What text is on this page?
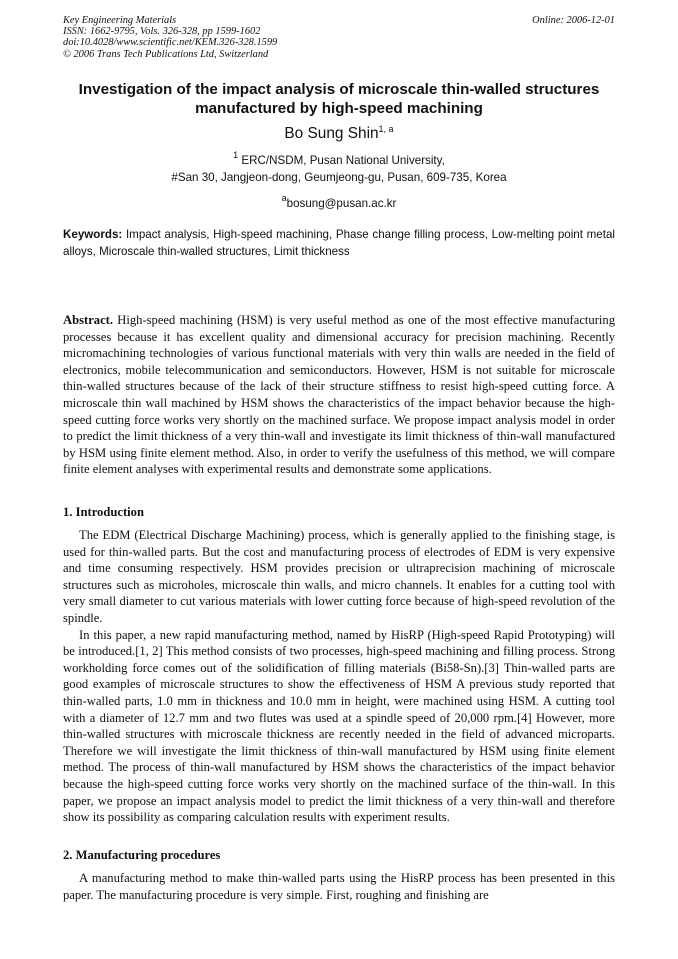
Key Engineering Materials
ISSN: 1662-9795, Vols. 326-328, pp 1599-1602
doi:10.4028/www.scientific.net/KEM.326-328.1599
© 2006 Trans Tech Publications Ltd, Switzerland
Online: 2006-12-01
Investigation of the impact analysis of microscale thin-walled structures
manufactured by high-speed machining
Bo Sung Shin$^{1, a}$
$^1$ ERC/NSDM, Pusan National University,
#San 30, Jangjeon-dong, Geumjeong-gu, Pusan, 609-735, Korea
$^a$bosung@pusan.ac.kr
Keywords: Impact analysis, High-speed machining, Phase change filling process, Low-melting point metal alloys, Microscale thin-walled structures, Limit thickness

Abstract. High-speed machining (HSM) is very useful method as one of the most effective manufacturing processes because it has excellent quality and dimensional accuracy for precision machining. Recently micromachining technologies of various functional materials with very thin walls are needed in the field of electronics, mobile telecommunication and semiconductors. However, HSM is not suitable for microscale thin-walled structures because of the lack of their structure stiffness to resist high-speed cutting force. A microscale thin wall machined by HSM shows the characteristics of the impact behavior because the high-speed cutting force works very shortly on the machined surface. We propose impact analysis model in order to predict the limit thickness of a very thin-wall and investigate its limit thickness of thin-wall manufactured by HSM using finite element method. Also, in order to verify the usefulness of this method, we will compare finite element analyses with experimental results and demonstrate some applications.

1. Introduction

The EDM (Electrical Discharge Machining) process, which is generally applied to the finishing stage, is used for thin-walled parts. But the cost and manufacturing process of electrodes of EDM is very expensive and time consuming respectively. HSM provides precision or ultraprecision machining of microscale structures such as microholes, microscale thin walls, and micro channels. It enables for a cutting tool with very small diameter to cut various materials with lower cutting force because of high-speed revolution of the spindle.

In this paper, a new rapid manufacturing method, named by HisRP (High-speed Rapid Prototyping) will be introduced.[1, 2] This method consists of two processes, high-speed machining and filling process. Strong workholding force comes out of the solidification of filling materials (Bi58-Sn).[3] Thin-walled parts are good examples of microscale structures to show the effectiveness of HSM A previous study reported that thin-walled parts, 1.0 mm in thickness and 10.0 mm in height, were machined using HSM. A cutting tool with a diameter of 12.7 mm and two flutes was used at a spindle speed of 20,000 rpm.[4] However, more thin-walled structures with microscale thickness are recently needed in the field of advanced microparts. Therefore we will investigate the limit thickness of thin-wall manufactured by HSM using finite element method. The process of thin-wall manufactured by HSM shows the characteristics of the impact behavior because the high-speed cutting force works very shortly on the machined surface of the thin-wall. In this paper, we propose an impact analysis model to predict the limit thickness of a very thin-wall and therefore show its possibility as comparing calculation results with experiment results.

2. Manufacturing procedures

A manufacturing method to make thin-walled parts using the HisRP process has been presented in this paper. The manufacturing procedure is very simple. First, roughing and finishing are
